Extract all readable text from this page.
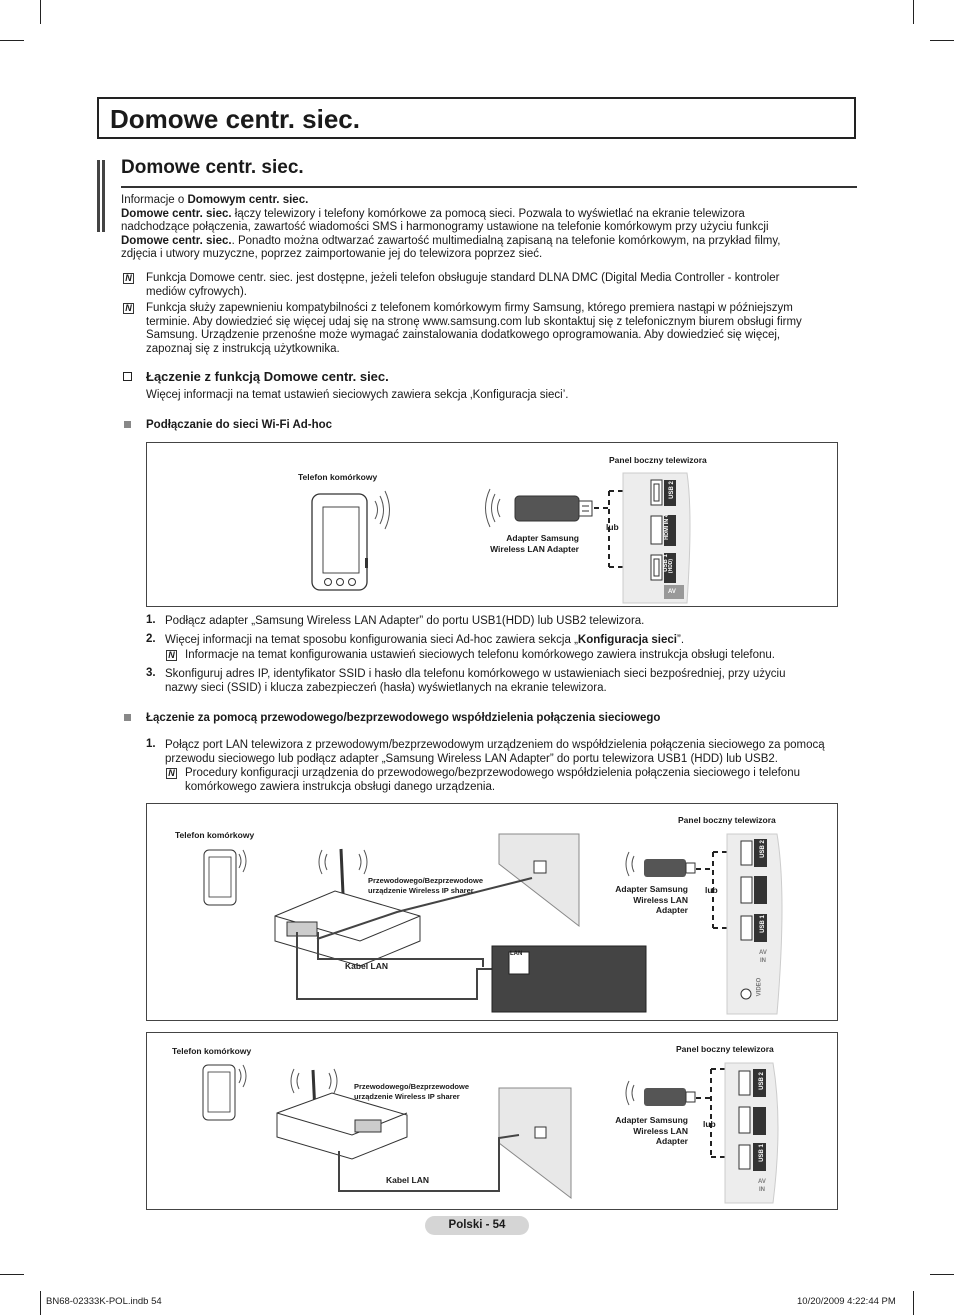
Domowe centr. siec.
Domowe centr. siec.
Informacje o Domowym centr. siec.
Domowe centr. siec. łączy telewizory i telefony komórkowe za pomocą sieci. Pozwala to wyświetlać na ekranie telewizora
nadchodzące połączenia, zawartość wiadomości SMS i harmonogramy ustawione na telefonie komórkowym przy użyciu funkcji
Domowe centr. siec.. Ponadto można odtwarzać zawartość multimedialną zapisaną na telefonie komórkowym, na przykład filmy,
zdjęcia i utwory muzyczne, poprzez zaimportowanie jej do telewizora poprzez sieć.
N Funkcja Domowe centr. siec. jest dostępne, jeżeli telefon obsługuje standard DLNA DMC (Digital Media Controller - kontroler
mediów cyfrowych).
N Funkcja służy zapewnieniu kompatybilności z telefonem komórkowym firmy Samsung, którego premiera nastąpi w późniejszym
terminie. Aby dowiedzieć się więcej udaj się na stronę www.samsung.com lub skontaktuj się z telefonicznym biurem obsługi firmy
Samsung. Urządzenie przenośne może wymagać zainstalowania dodatkowego oprogramowania. Aby dowiedzieć się więcej,
zapoznaj się z instrukcją użytkownika.
Łączenie z funkcją Domowe centr. siec.
Więcej informacji na temat ustawień sieciowych zawiera sekcja ‚Konfiguracja sieci’.
Podłączanie do sieci Wi-Fi Ad-hoc
Telefon komórkowy
Panel boczny telewizora
lub
Adapter Samsung
Wireless LAN Adapter
USB 2
HDMI IN 4
USB 1 (HDD)
AV
1. Podłącz adapter „Samsung Wireless LAN Adapter” do portu USB1(HDD) lub USB2 telewizora.
2. Więcej informacji na temat sposobu konfigurowania sieci Ad-hoc zawiera sekcja „Konfiguracja sieci”.
N Informacje na temat konfigurowania ustawień sieciowych telefonu komórkowego zawiera instrukcja obsługi telefonu.
3. Skonfiguruj adres IP, identyfikator SSID i hasło dla telefonu komórkowego w ustawieniach sieci bezpośredniej, przy użyciu
nazwy sieci (SSID) i klucza zabezpieczeń (hasła) wyświetlanych na ekranie telewizora.
Łączenie za pomocą przewodowego/bezprzewodowego współdzielenia połączenia sieciowego
1. Połącz port LAN telewizora z przewodowym/bezprzewodowym urządzeniem do współdzielenia połączenia sieciowego za pomocą
przewodu sieciowego lub podłącz adapter „Samsung Wireless LAN Adapter” do portu telewizora USB1 (HDD) lub USB2.
N Procedury konfiguracji urządzenia do przewodowego/bezprzewodowego współdzielenia połączenia sieciowego i telefonu
komórkowego zawiera instrukcja obsługi danego urządzenia.
Telefon komórkowy
Panel boczny telewizora
Przewodowego/Bezprzewodowe
urządzenie Wireless IP sharer
Kabel LAN
lub
Adapter Samsung
Wireless LAN
Adapter
LAN
USB 2
USB 1
AV
IN
VIDEO
Telefon komórkowy	Panel boczny telewizora
Przewodowego/Bezprzewodowe
urządzenie Wireless IP sharer
Kabel LAN
lub
Adapter Samsung
Wireless LAN
Adapter
USB 2
USB 1
AV
IN
Polski - 54
BN68-02333K-POL.indb 54	10/20/2009 4:22:44 PM
